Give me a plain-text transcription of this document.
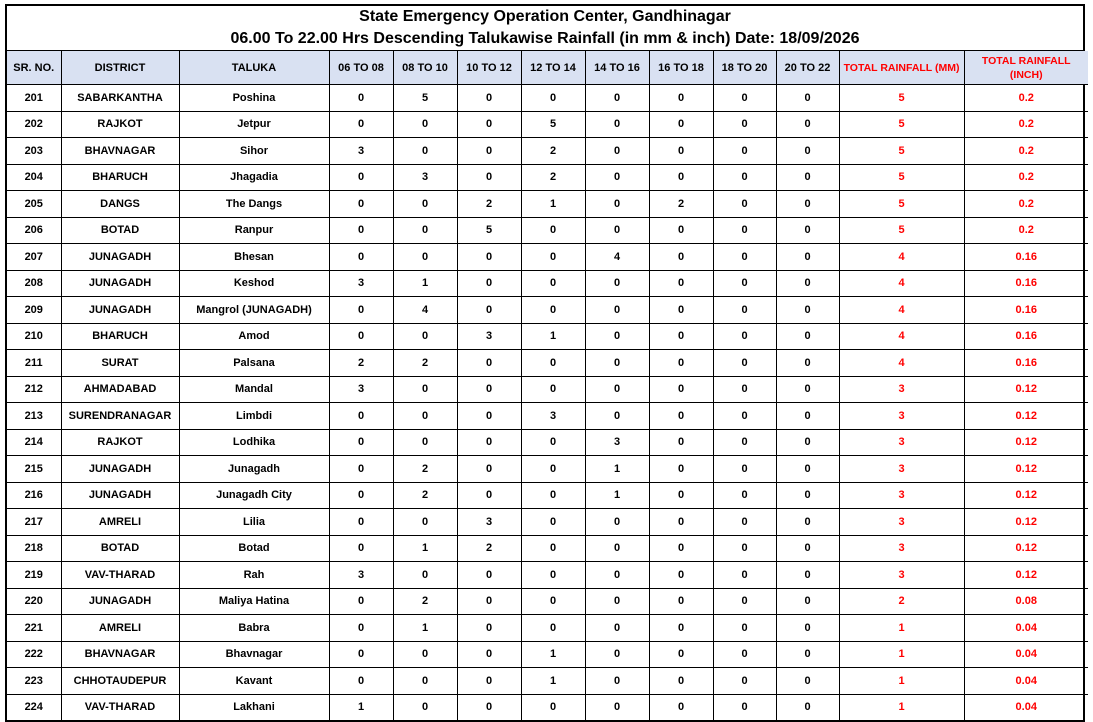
State Emergency Operation Center, Gandhinagar
06.00 To 22.00 Hrs Descending Talukawise Rainfall (in mm & inch) Date: 18/09/2026
SR. NO.	DISTRICT	TALUKA	06 TO 08	08 TO 10	10 TO 12	12 TO 14	14 TO 16	16 TO 18	18 TO 20	20 TO 22	TOTAL RAINFALL (MM)	TOTAL RAINFALL (INCH)
201	SABARKANTHA	Poshina	0	5	0	0	0	0	0	0	5	0.2
202	RAJKOT	Jetpur	0	0	0	5	0	0	0	0	5	0.2
203	BHAVNAGAR	Sihor	3	0	0	2	0	0	0	0	5	0.2
204	BHARUCH	Jhagadia	0	3	0	2	0	0	0	0	5	0.2
205	DANGS	The Dangs	0	0	2	1	0	2	0	0	5	0.2
206	BOTAD	Ranpur	0	0	5	0	0	0	0	0	5	0.2
207	JUNAGADH	Bhesan	0	0	0	0	4	0	0	0	4	0.16
208	JUNAGADH	Keshod	3	1	0	0	0	0	0	0	4	0.16
209	JUNAGADH	Mangrol (JUNAGADH)	0	4	0	0	0	0	0	0	4	0.16
210	BHARUCH	Amod	0	0	3	1	0	0	0	0	4	0.16
211	SURAT	Palsana	2	2	0	0	0	0	0	0	4	0.16
212	AHMADABAD	Mandal	3	0	0	0	0	0	0	0	3	0.12
213	SURENDRANAGAR	Limbdi	0	0	0	3	0	0	0	0	3	0.12
214	RAJKOT	Lodhika	0	0	0	0	3	0	0	0	3	0.12
215	JUNAGADH	Junagadh	0	2	0	0	1	0	0	0	3	0.12
216	JUNAGADH	Junagadh City	0	2	0	0	1	0	0	0	3	0.12
217	AMRELI	Lilia	0	0	3	0	0	0	0	0	3	0.12
218	BOTAD	Botad	0	1	2	0	0	0	0	0	3	0.12
219	VAV-THARAD	Rah	3	0	0	0	0	0	0	0	3	0.12
220	JUNAGADH	Maliya Hatina	0	2	0	0	0	0	0	0	2	0.08
221	AMRELI	Babra	0	1	0	0	0	0	0	0	1	0.04
222	BHAVNAGAR	Bhavnagar	0	0	0	1	0	0	0	0	1	0.04
223	CHHOTAUDEPUR	Kavant	0	0	0	1	0	0	0	0	1	0.04
224	VAV-THARAD	Lakhani	1	0	0	0	0	0	0	0	1	0.04
